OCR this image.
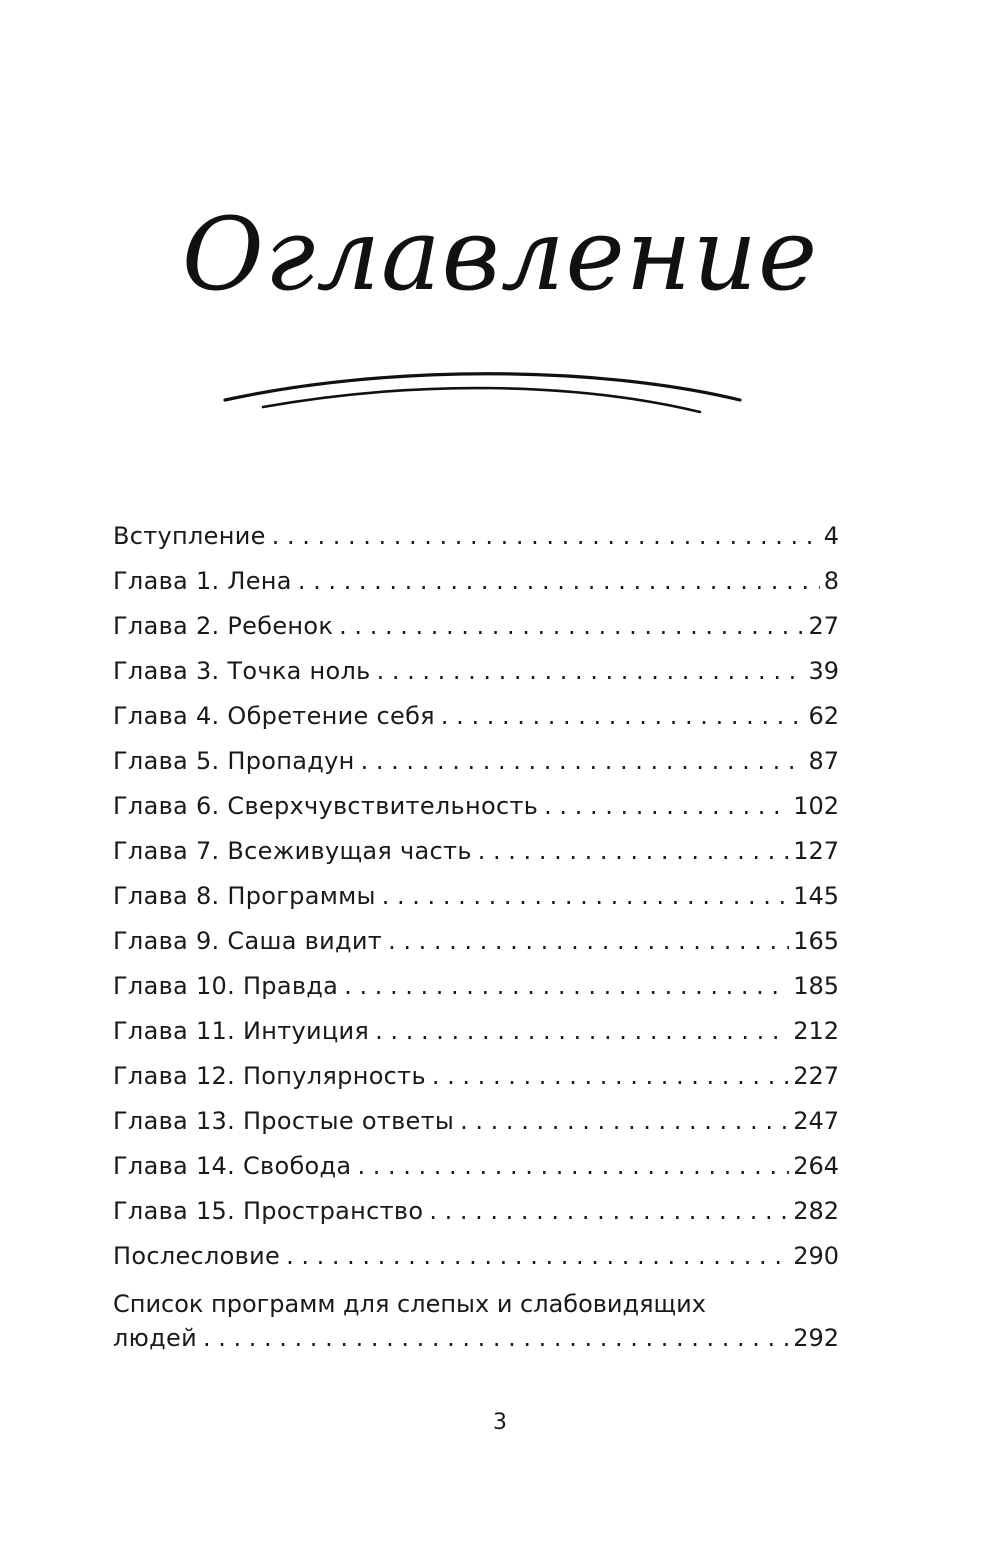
Оглавление
Вступление . . .	4
Глава 1. Лена . . .	8
Глава 2. Ребенок . . .	27
Глава 3. Точка ноль . . .	39
Глава 4. Обретение себя . . .	62
Глава 5. Пропадун . . .	87
Глава 6. Сверхчувствительность . . .	102
Глава 7. Всеживущая часть . . .	127
Глава 8. Программы . . .	145
Глава 9. Саша видит . . .	165
Глава 10. Правда . . .	185
Глава 11. Интуиция . . .	212
Глава 12. Популярность . . .	227
Глава 13. Простые ответы . . .	247
Глава 14. Свобода . . .	264
Глава 15. Пространство . . .	282
Послесловие . . .	290
Список программ для слепых и слабовидящих
людей . . .	292
3
